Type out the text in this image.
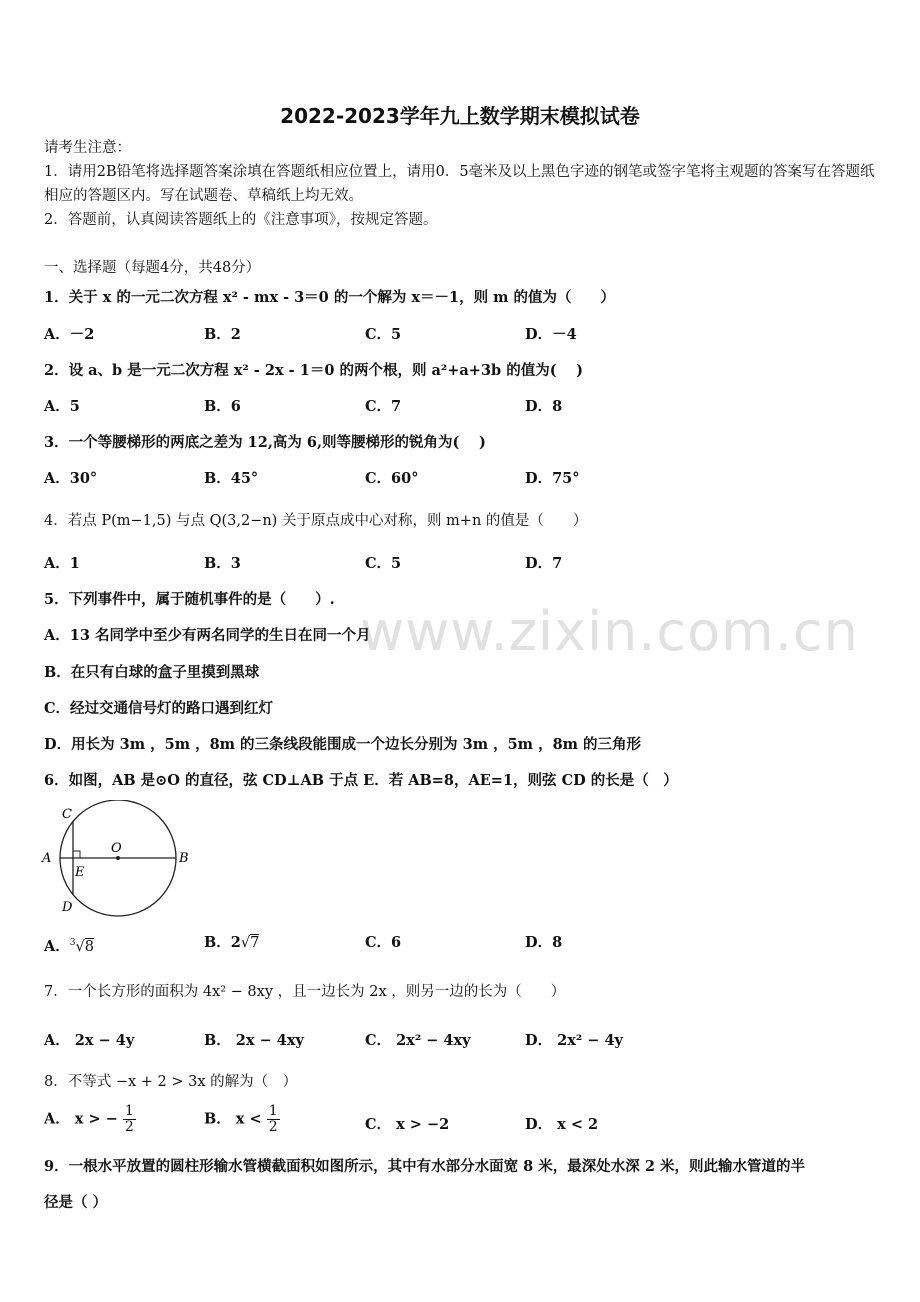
2022-2023学年九上数学期末模拟试卷
www.zixin.com.cn
请考生注意：
1．请用2B铅笔将选择题答案涂填在答题纸相应位置上，请用0．5毫米及以上黑色字迹的钢笔或签字笔将主观题的答案写在答题纸相应的答题区内。写在试题卷、草稿纸上均无效。
2．答题前，认真阅读答题纸上的《注意事项》，按规定答题。
一、选择题（每题4分，共48分）
1．关于 x 的一元二次方程 x² - mx - 3＝0 的一个解为 x＝－1，则 m 的值为（　　）
A．－2	B．2	C．5	D．－4
2．设 a、b 是一元二次方程 x² - 2x - 1＝0 的两个根，则 a²+a+3b 的值为(　 )
A．5	B．6	C．7	D．8
3．一个等腰梯形的两底之差为 12,高为 6,则等腰梯形的锐角为(　 )
A．30°	B．45°	C．60°	D．75°
4．若点 P(m−1,5) 与点 Q(3,2−n) 关于原点成中心对称，则 m+n 的值是（　　）
A．1	B．3	C．5	D．7
5．下列事件中，属于随机事件的是（　　）.
A．13 名同学中至少有两名同学的生日在同一个月
B．在只有白球的盒子里摸到黑球
C．经过交通信号灯的路口遇到红灯
D．用长为 3m ，5m ，8m 的三条线段能围成一个边长分别为 3m ，5m ，8m 的三角形
6．如图，AB 是⊙O 的直径，弦 CD⊥AB 于点 E．若 AB=8，AE=1，则弦 CD 的长是（　）
C
A
E
O
B
D
A．$^3$√8	B．2√7	C．6	D．8
7．一个长方形的面积为 4x² − 8xy ，且一边长为 2x ，则另一边的长为（　　）
A． 2x − 4y	B． 2x − 4xy	C． 2x² − 4xy	D． 2x² − 4y
8．不等式 −x + 2 > 3x 的解为（　）
A． x > − $\frac{1}{2}$	B． $x < \frac{1}{2}$	C． x > −2	D． x < 2
9．一根水平放置的圆柱形输水管横截面积如图所示，其中有水部分水面宽 8 米，最深处水深 2 米，则此输水管道的半
径是（ ）
